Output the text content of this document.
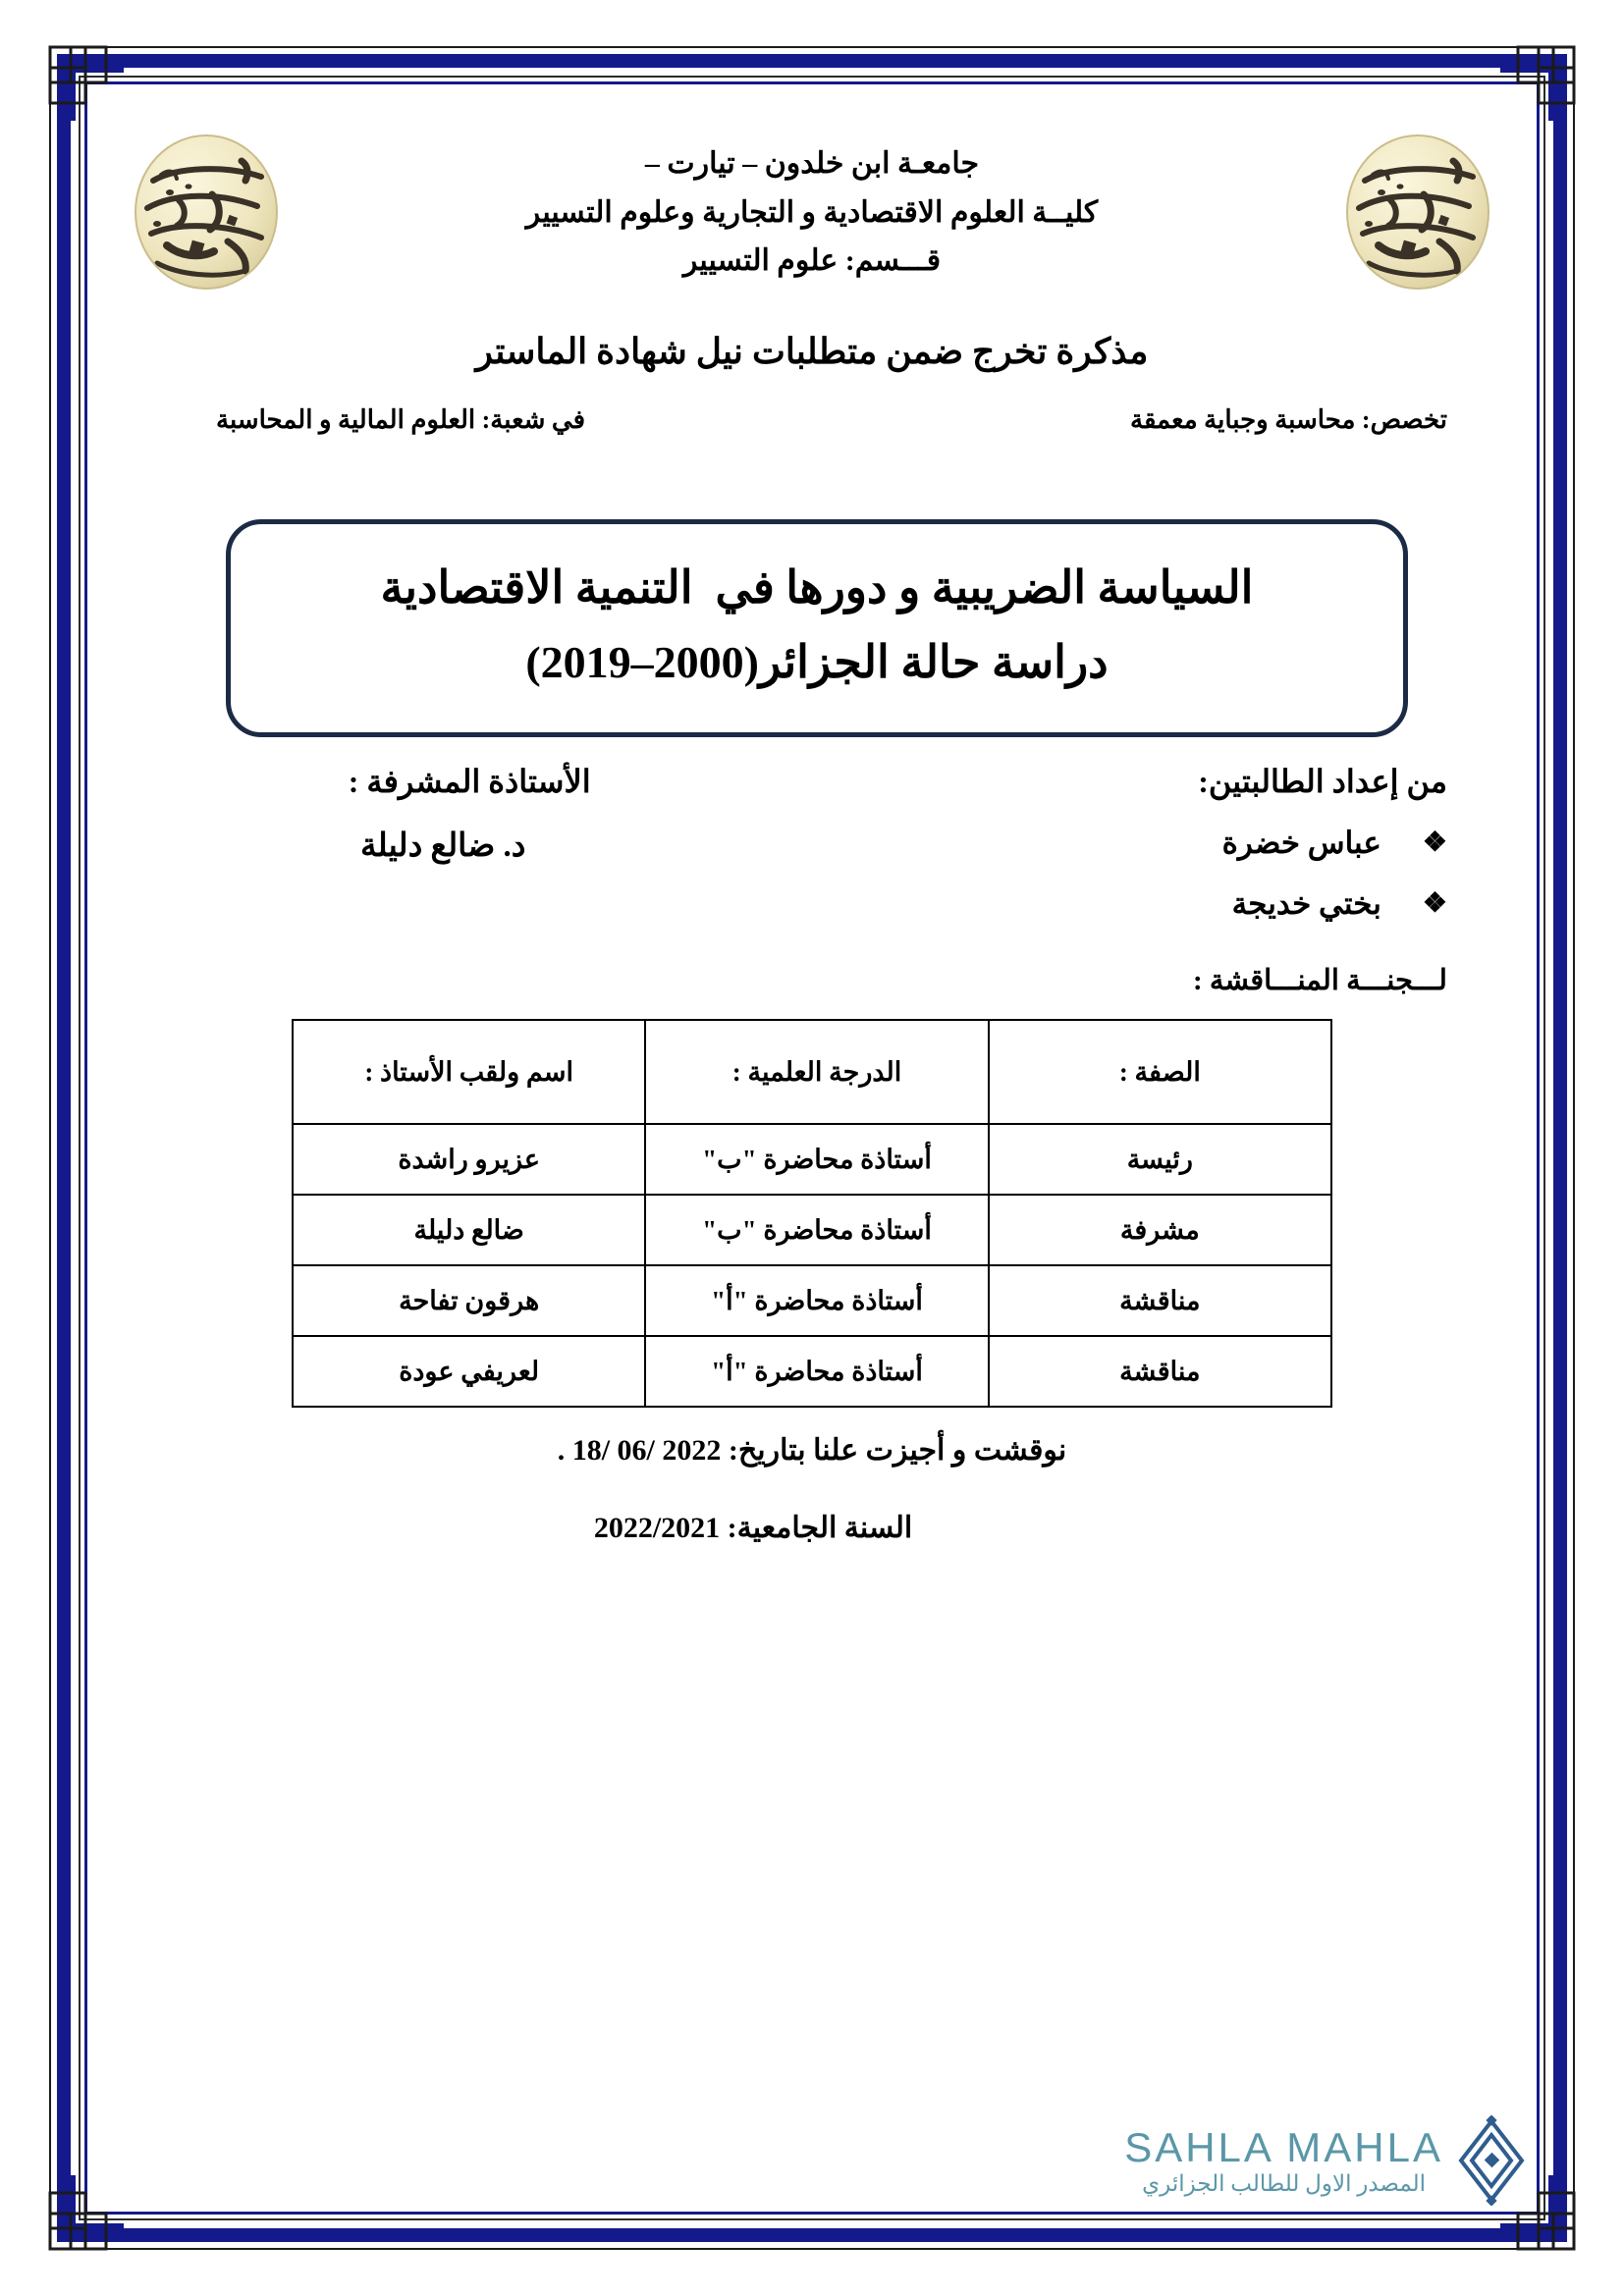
جامعـة ابن خلدون – تيارت –
كليــة العلوم الاقتصادية و التجارية وعلوم التسيير
قـــسم: علوم التسيير
مذكرة تخرج ضمن متطلبات نيل شهادة الماستر
تخصص: محاسبة وجباية معمقة
في شعبة: العلوم المالية و المحاسبة
السياسة الضريبية و دورها في  التنمية الاقتصادية
دراسة حالة الجزائر(2000–2019)
من إعداد الطالبتين:
❖
عباس خضرة
❖
بختي خديجة
الأستاذة المشرفة :
د. ضالع دليلة
لـــجنـــة المنـــاقشة :
الصفة :	الدرجة العلمية :	اسم ولقب الأستاذ :
رئيسة	أستاذة محاضرة "ب"	عزيرو راشدة
مشرفة	أستاذة محاضرة "ب"	ضالع دليلة
مناقشة	أستاذة محاضرة "أ"	هرقون تفاحة
مناقشة	أستاذة محاضرة "أ"	لعريفي عودة
نوقشت و أجيزت علنا بتاريخ: 2022 /06 /18 .
السنة الجامعية: 2022/2021
SAHLA MAHLA
المصدر الاول للطالب الجزائري
